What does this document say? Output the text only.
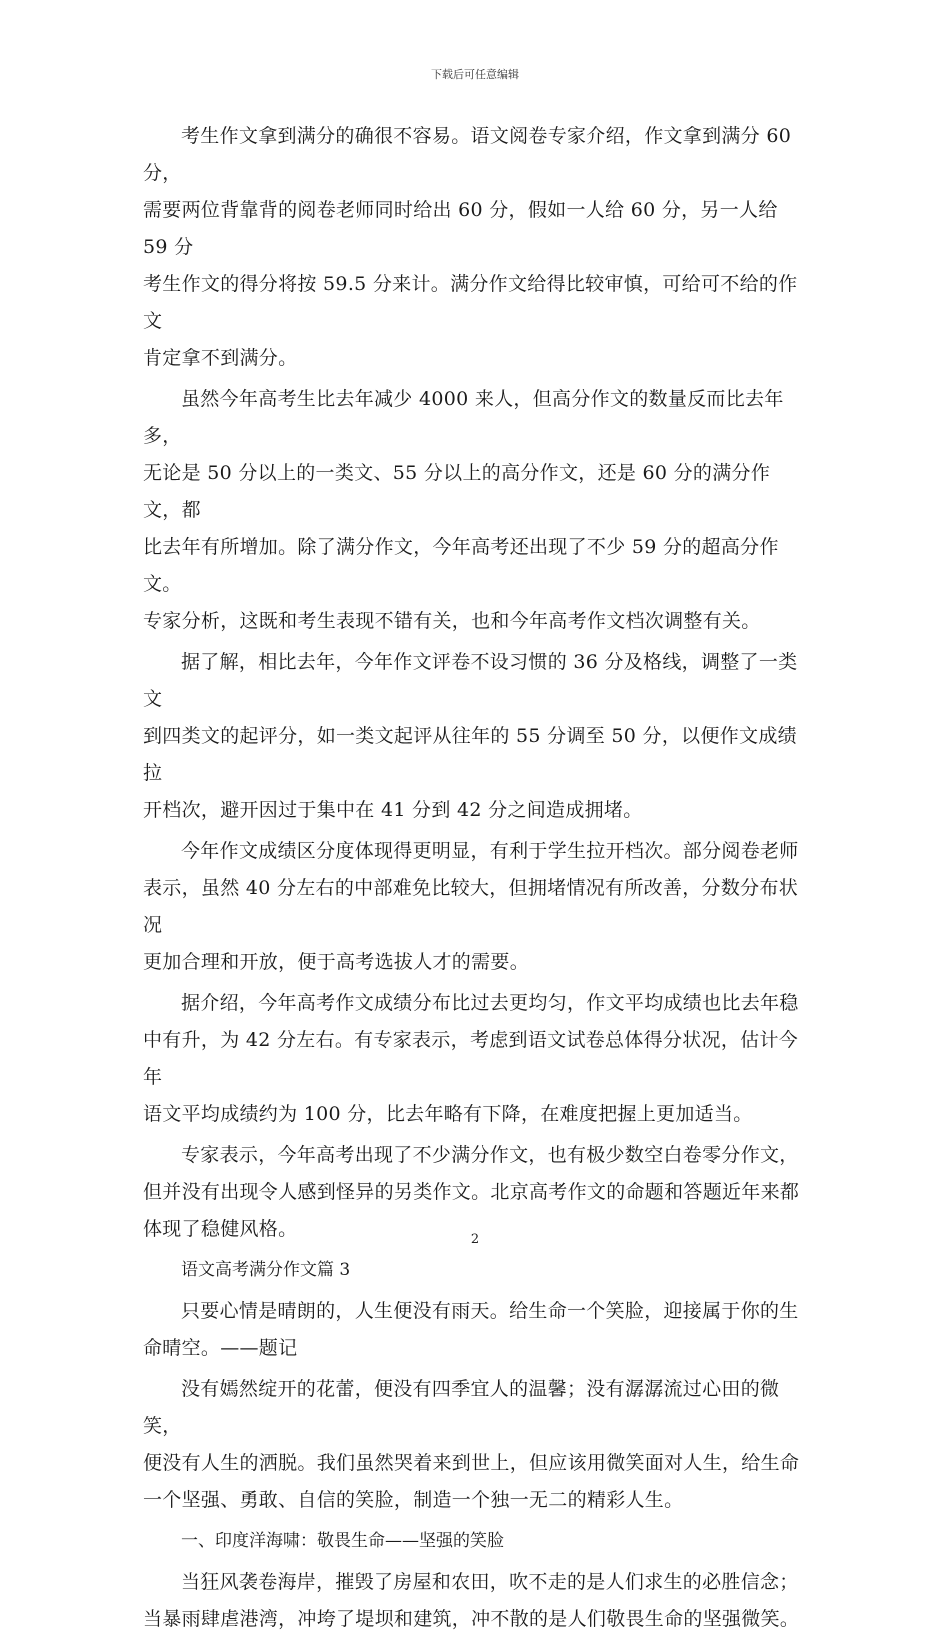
下载后可任意编辑
考生作文拿到满分的确很不容易。语文阅卷专家介绍，作文拿到满分 60 分，
需要两位背靠背的阅卷老师同时给出 60 分，假如一人给 60 分，另一人给 59 分
考生作文的得分将按 59.5 分来计。满分作文给得比较审慎，可给可不给的作文
肯定拿不到满分。
虽然今年高考生比去年减少 4000 来人，但高分作文的数量反而比去年多，
无论是 50 分以上的一类文、55 分以上的高分作文，还是 60 分的满分作文，都
比去年有所增加。除了满分作文，今年高考还出现了不少 59 分的超高分作文。
专家分析，这既和考生表现不错有关，也和今年高考作文档次调整有关。
据了解，相比去年，今年作文评卷不设习惯的 36 分及格线，调整了一类文
到四类文的起评分，如一类文起评从往年的 55 分调至 50 分，以便作文成绩拉
开档次，避开因过于集中在 41 分到 42 分之间造成拥堵。
今年作文成绩区分度体现得更明显，有利于学生拉开档次。部分阅卷老师
表示，虽然 40 分左右的中部难免比较大，但拥堵情况有所改善，分数分布状况
更加合理和开放，便于高考选拔人才的需要。
据介绍，今年高考作文成绩分布比过去更均匀，作文平均成绩也比去年稳
中有升，为 42 分左右。有专家表示，考虑到语文试卷总体得分状况，估计今年
语文平均成绩约为 100 分，比去年略有下降，在难度把握上更加适当。
专家表示，今年高考出现了不少满分作文，也有极少数空白卷零分作文，
但并没有出现令人感到怪异的另类作文。北京高考作文的命题和答题近年来都
体现了稳健风格。
语文高考满分作文篇 3
只要心情是晴朗的，人生便没有雨天。给生命一个笑脸，迎接属于你的生
命晴空。——题记
没有嫣然绽开的花蕾，便没有四季宜人的温馨；没有潺潺流过心田的微笑，
便没有人生的洒脱。我们虽然哭着来到世上，但应该用微笑面对人生，给生命
一个坚强、勇敢、自信的笑脸，制造一个独一无二的精彩人生。
一、印度洋海啸：敬畏生命——坚强的笑脸
当狂风袭卷海岸，摧毁了房屋和农田，吹不走的是人们求生的必胜信念；
当暴雨肆虐港湾，冲垮了堤坝和建筑，冲不散的是人们敬畏生命的坚强微笑。
2
